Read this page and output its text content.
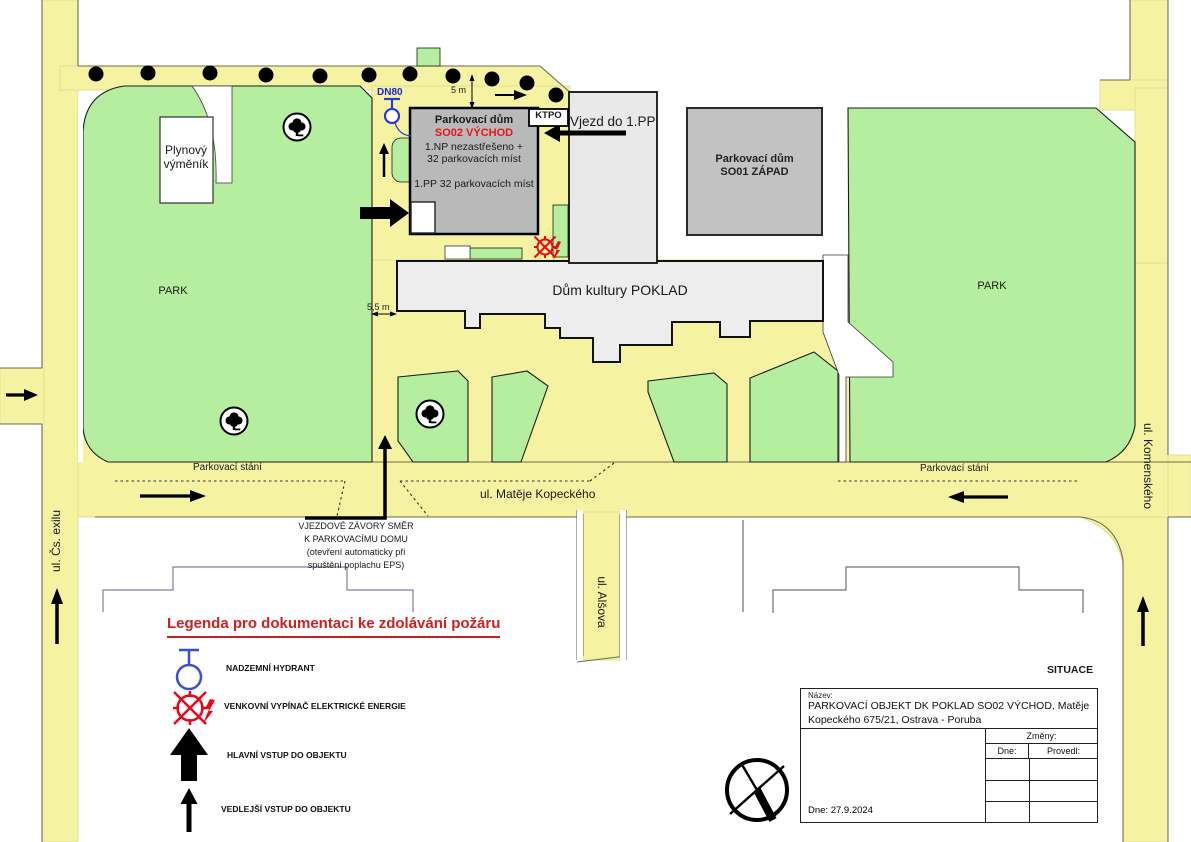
Plynový
výměník
PARK	PARK
Parkovací dům
SO02 VÝCHOD
1.NP nezastřešeno +
32 parkovacích míst
1.PP 32 parkovacích míst
Parkovací dům
SO01 ZÁPAD
Dům kultury POKLAD
Vjezd do 1.PP
KTPO
DN80	5 m
5,5 m
Parkovací stání	Parkovací stání
ul. Matěje Kopeckého
ul. Čs. exilu
ul. Alšova
ul. Komenského
VJEZDOVÉ ZÁVORY SMĚR
K PARKOVACÍMU DOMU
(otevření automaticky při
spuštění poplachu EPS)
Legenda pro dokumentaci ke zdolávání požáru
NADZEMNÍ HYDRANT
VENKOVNÍ VYPÍNAČ ELEKTRICKÉ ENERGIE
HLAVNÍ VSTUP DO OBJEKTU
VEDLEJŠÍ VSTUP DO OBJEKTU
SITUACE
Název:
PARKOVACÍ OBJEKT DK POKLAD SO02 VÝCHOD, Matěje
Kopeckého 675/21, Ostrava - Poruba
Změny:
Dne:	Provedl:
Dne: 27.9.2024
